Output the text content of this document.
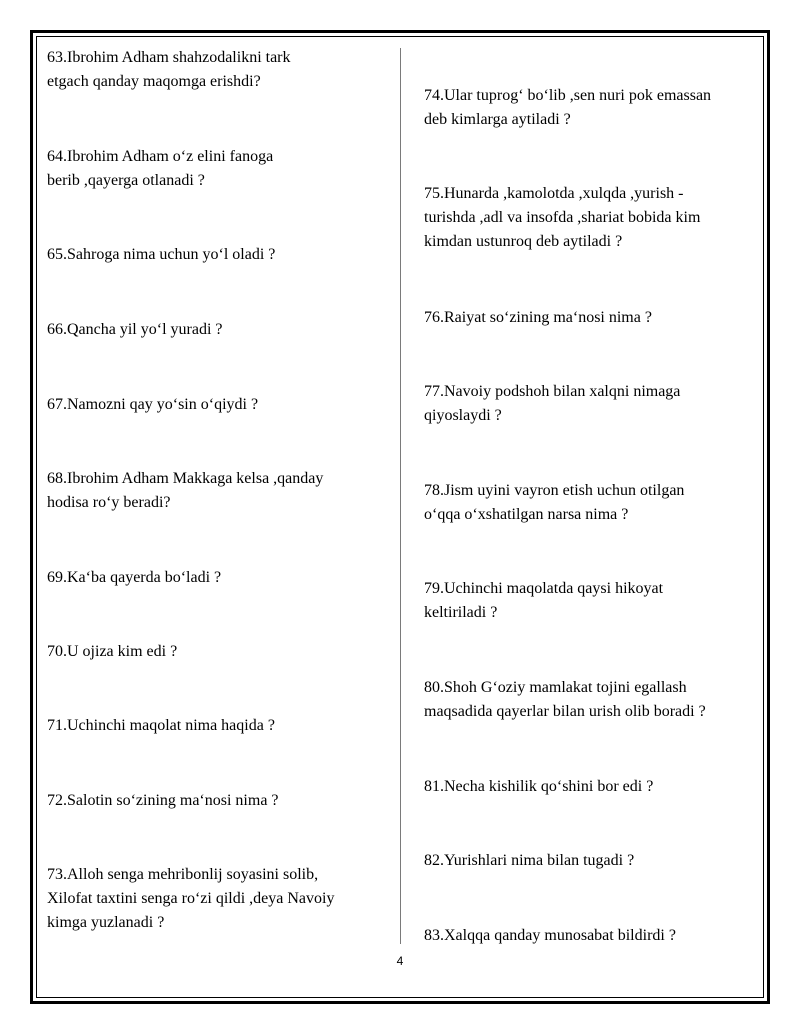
63.Ibrohim Adham shahzodalikni tark
etgach qanday maqomga erishdi?

64.Ibrohim Adham o‘z elini fanoga
berib ,qayerga otlanadi ?

65.Sahroga nima uchun yo‘l oladi ?

66.Qancha yil yo‘l yuradi ?

67.Namozni qay yo‘sin o‘qiydi ?

68.Ibrohim Adham Makkaga kelsa ,qanday
hodisa ro‘y beradi?

69.Ka‘ba qayerda bo‘ladi ?

70.U ojiza kim edi ?

71.Uchinchi maqolat nima haqida ?

72.Salotin so‘zining ma‘nosi nima ?

73.Alloh senga mehribonlij soyasini solib,
Xilofat taxtini senga ro‘zi qildi ,deya Navoiy
kimga yuzlanadi ?

74.Ular tuprog‘ bo‘lib ,sen nuri pok emassan
deb kimlarga aytiladi ?

75.Hunarda ,kamolotda ,xulqda ,yurish -
turishda ,adl va insofda ,shariat bobida kim
kimdan ustunroq deb aytiladi ?

76.Raiyat so‘zining ma‘nosi nima ?

77.Navoiy podshoh bilan xalqni nimaga
qiyoslaydi ?

78.Jism uyini vayron etish uchun otilgan
o‘qqa o‘xshatilgan narsa nima ?

79.Uchinchi maqolatda qaysi hikoyat
keltiriladi ?

80.Shoh G‘oziy mamlakat tojini egallash
maqsadida qayerlar bilan urish olib boradi ?

81.Necha kishilik qo‘shini bor edi ?

82.Yurishlari nima bilan tugadi ?

83.Xalqqa qanday munosabat bildirdi ?

4
